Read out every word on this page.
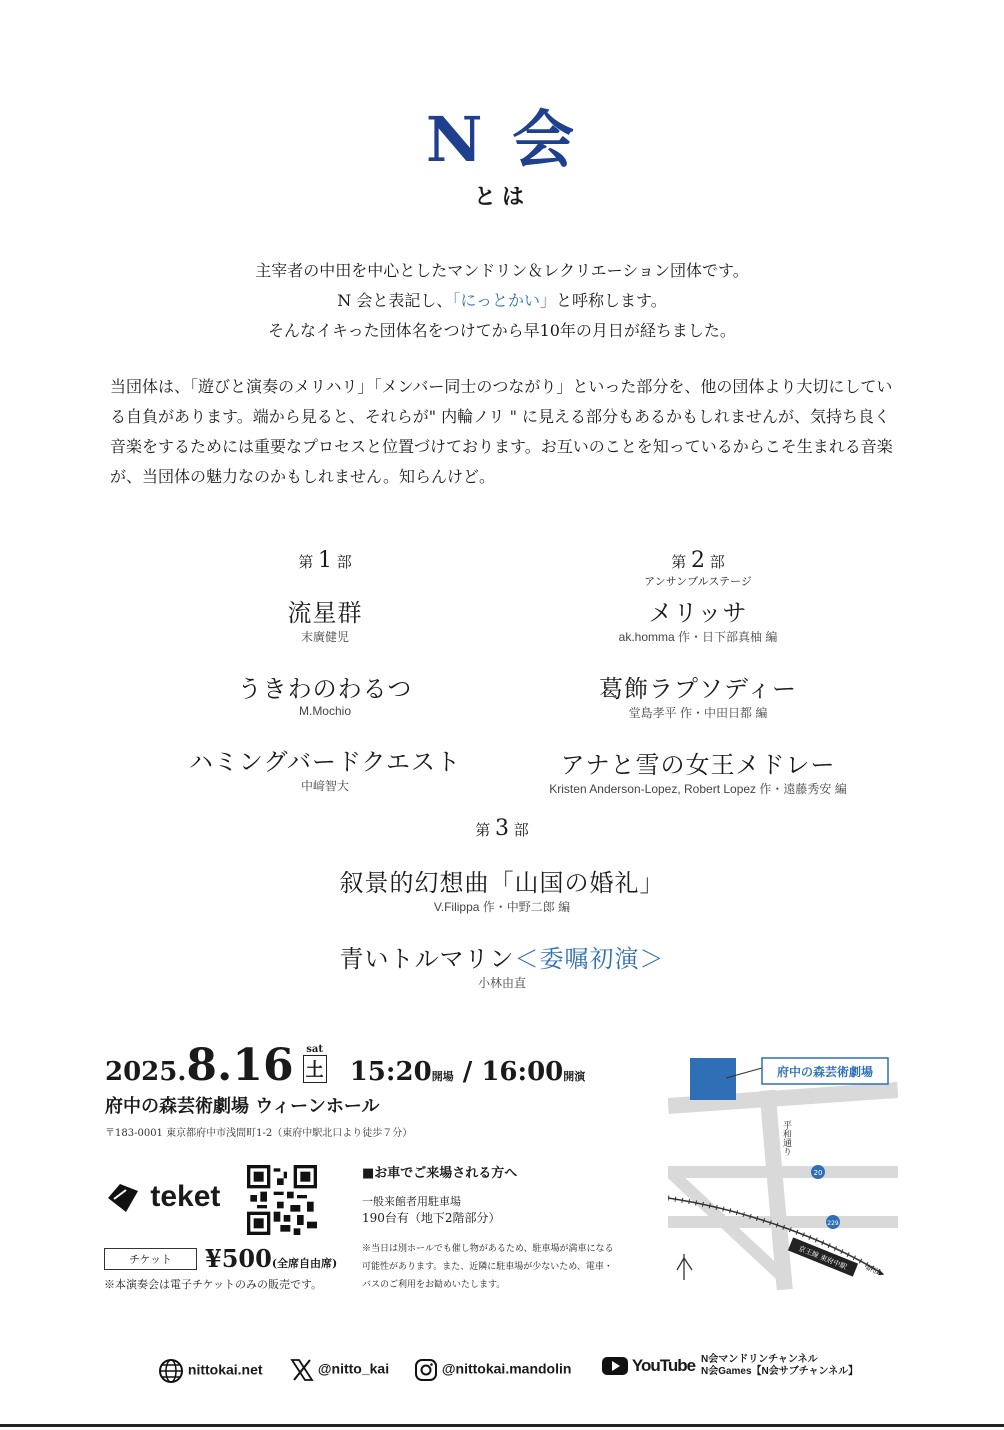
N 会
とは
主宰者の中田を中心としたマンドリン＆レクリエーション団体です。
N 会と表記し、「にっとかい」と呼称します。
そんなイキった団体名をつけてから早10年の月日が経ちました。
当団体は、「遊びと演奏のメリハリ」「メンバー同士のつながり」といった部分を、他の団体より大切にしている自負があります。端から見ると、それらが" 内輪ノリ " に見える部分もあるかもしれませんが、気持ち良く音楽をするためには重要なプロセスと位置づけております。お互いのことを知っているからこそ生まれる音楽が、当団体の魅力なのかもしれません。知らんけど。
第 1 部
流星群
末廣健児
うきわのわるつ
M.Mochio
ハミングバードクエスト
中﨑智大
第 2 部
アンサンブルステージ
メリッサ
ak.homma 作・日下部真柚 編
葛飾ラプソディー
堂島孝平 作・中田日都 編
アナと雪の女王メドレー
Kristen Anderson-Lopez, Robert Lopez 作・遠藤秀安 編
第 3 部
叙景的幻想曲「山国の婚礼」
V.Filippa 作・中野二郎 編
青いトルマリン＜委嘱初演＞
小林由直
2025.8.16 sat
土 15:20開場 / 16:00開演
府中の森芸術劇場 ウィーンホール
〒183-0001 東京都府中市浅間町1-2（東府中駅北口より徒歩７分）
teket
チケット ¥500(全席自由席)
※本演奏会は電子チケットのみの販売です。
■お車でご来場される方へ
一般来館者用駐車場
190台有（地下2階部分）
※当日は別ホールでも催し物があるため、駐車場が満車になる
可能性があります。また、近隣に駐車場が少ないため、電車・
バスのご利用をお勧めいたします。
府中の森芸術劇場
平和通り
20
229
京王線 東府中駅 新宿▶
nittokai.net	@nitto_kai	@nittokai.mandolin	YouTube N会マンドリンチャンネル
N会Games【N会サブチャンネル】
